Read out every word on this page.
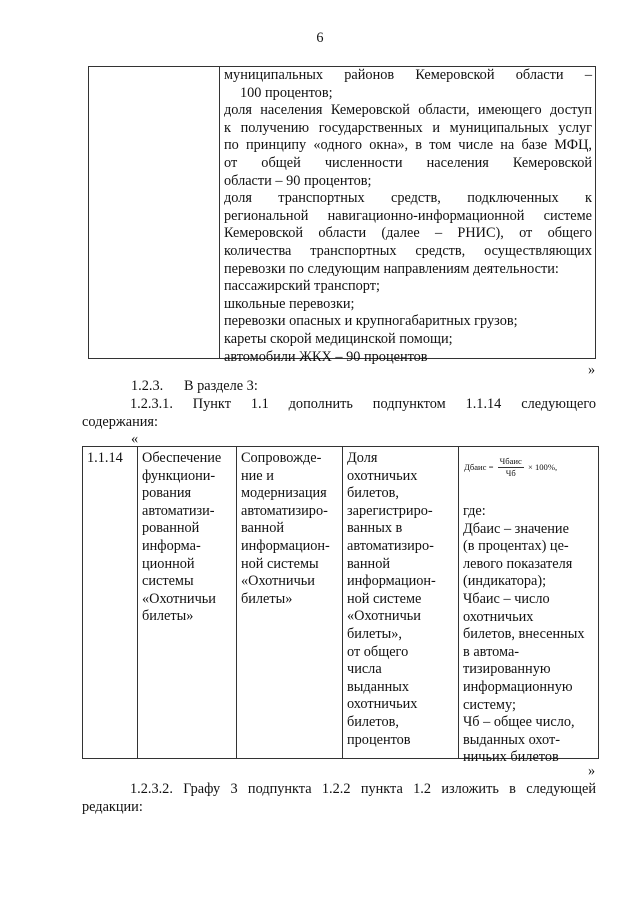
6
муниципальных районов Кемеровской области –
100 процентов;
доля населения Кемеровской области, имеющего доступ
к получению государственных и муниципальных услуг
по принципу «одного окна», в том числе на базе МФЦ,
от общей численности населения Кемеровской
области – 90 процентов;
доля транспортных средств, подключенных к
региональной навигационно-информационной системе
Кемеровской области (далее – РНИС), от общего
количества транспортных средств, осуществляющих
перевозки по следующим направлениям деятельности:
пассажирский транспорт;
школьные перевозки;
перевозки опасных и крупногабаритных грузов;
кареты скорой медицинской помощи;
автомобили ЖКХ – 90 процентов
»
1.2.3. В разделе 3:
1.2.3.1. Пункт 1.1 дополнить подпунктом 1.1.14 следующего
содержания:
«
1.1.14 Обеспечение
функциони-
рования
автоматизи-
рованной
информа-
ционной
системы
«Охотничьи
билеты»
Сопровожде-
ние и
модернизация
автоматизиро-
ванной
информацион-
ной системы
«Охотничьи
билеты»
Доля
охотничьих
билетов,
зарегистриро-
ванных в
автоматизиро-
ванной
информацион-
ной системе
«Охотничьи
билеты»,
от общего
числа
выданных
охотничьих
билетов,
процентов
Дбаис = $\frac{\text{Чбаис}}{Чб} \times 100\%$,
где:
Дбаис – значение
(в процентах) це-
левого показателя
(индикатора);
Чбаис – число
охотничьих
билетов, внесенных
в автома-
тизированную
информационную
систему;
Чб – общее число,
выданных охот-
ничьих билетов
»
1.2.3.2. Графу 3 подпункта 1.2.2 пункта 1.2 изложить в следующей
редакции:
